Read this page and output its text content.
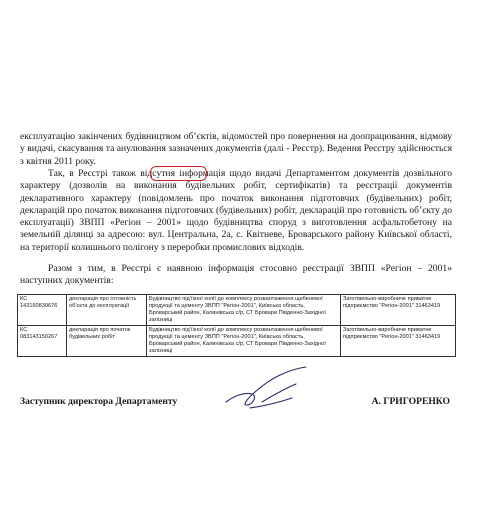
експлуатацію закінчених будівництвом об’єктів, відомостей про повернення на доопрацювання, відмову у видачі, скасування та анулювання зазначених документів (далі - Реєстр). Ведення Реєстру здійснюється з квітня 2011 року.

Так, в Реєстрі також відсутня інформація щодо видачі Департаментом документів дозвільного характеру (дозволів на виконання будівельних робіт, сертифікатів) та реєстрації документів декларативного характеру (повідомлень про початок виконання підготовчих (будівельних) робіт, декларацій про початок виконання підготовчих (будівельних) робіт, декларацій про готовність об’єкту до експлуатації) ЗВПП «Регіон – 2001» щодо будівництва споруд з виготовлення асфальтобетону на земельній ділянці за адресою: вул. Центральна, 2а, с. Квітневе, Броварського району Київської області, на території колишнього полігону з переробки промислових відходів.

Разом з тим, в Реєстрі є наявною інформація стосовно реєстрації ЗВПП «Регіон – 2001» наступних документів:

КС 143160830676	декларація про готовність об’єкта до експлуатації	Будівництво під’їзної колії до комплексу розвантаження щебеневої продукції та цементу ЗВПП "Регіон-2001", Київська область, Броварський район, Калинівська с/р, СТ Бровари Південно-Західної залізниці	Заготівельно-виробниче приватне підприємство "Регіон-2001" 31463419
КС 083143150267	декларація про початок будівельних робіт	Будівництво під’їзної колії до комплексу розвантаження щебеневої продукції та цементу ЗВПП "Регіон-2001", Київська область, Броварський район, Калинівська с/р, СТ Бровари Південно-Західної залізниці	Заготівельно-виробниче приватне підприємство "Регіон-2001" 31463419
Заступник директора Департаменту	А. ГРИГОРЕНКО
